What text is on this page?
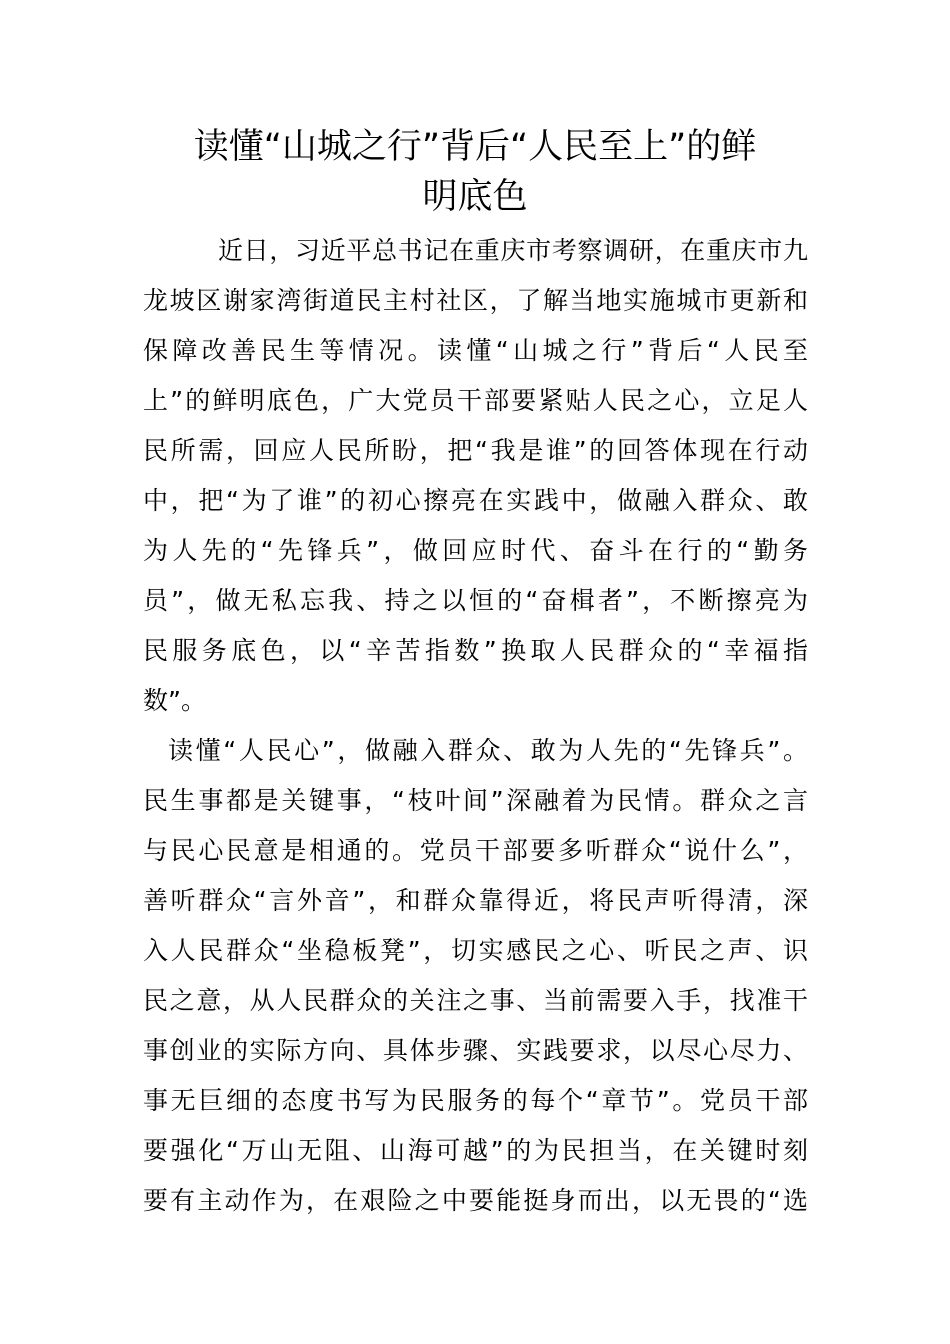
读懂“山城之行”背后“人民至上”的鲜
明底色
近日，习近平总书记在重庆市考察调研，在重庆市九
龙坡区谢家湾街道民主村社区，了解当地实施城市更新和
保障改善民生等情况。读懂“山城之行”背后“人民至
上”的鲜明底色，广大党员干部要紧贴人民之心，立足人
民所需，回应人民所盼，把“我是谁”的回答体现在行动
中，把“为了谁”的初心擦亮在实践中，做融入群众、敢
为人先的“先锋兵”，做回应时代、奋斗在行的“勤务
员”，做无私忘我、持之以恒的“奋楫者”，不断擦亮为
民服务底色，以“辛苦指数”换取人民群众的“幸福指
数”。
读懂“人民心”，做融入群众、敢为人先的“先锋兵”。
民生事都是关键事，“枝叶间”深融着为民情。群众之言
与民心民意是相通的。党员干部要多听群众“说什么”，
善听群众“言外音”，和群众靠得近，将民声听得清，深
入人民群众“坐稳板凳”，切实感民之心、听民之声、识
民之意，从人民群众的关注之事、当前需要入手，找准干
事创业的实际方向、具体步骤、实践要求，以尽心尽力、
事无巨细的态度书写为民服务的每个“章节”。党员干部
要强化“万山无阻、山海可越”的为民担当，在关键时刻
要有主动作为，在艰险之中要能挺身而出，以无畏的“选
